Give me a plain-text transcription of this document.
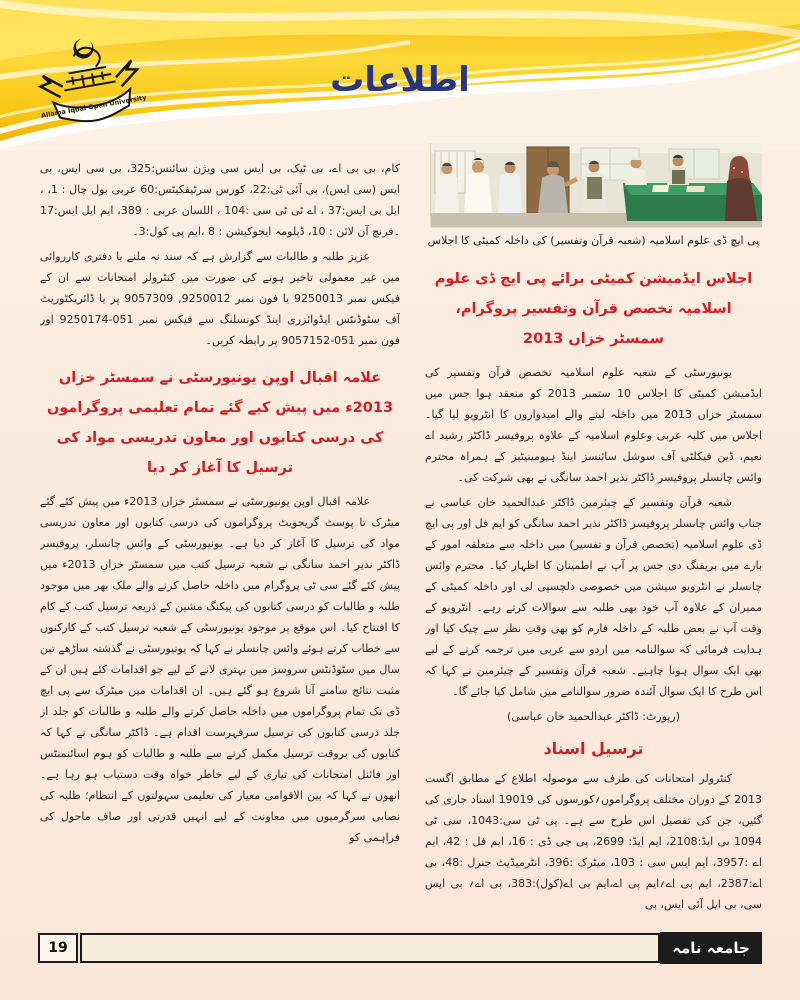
Allama Iqbal Open University
اطلاعات
پی ایچ ڈی علوم اسلامیہ (شعبہ قرآن وتفسیر) کی داخلہ کمیٹی کا اجلاس
اجلاس ایڈمیشن کمیٹی برائے پی ایچ ڈی علوم اسلامیہ تخصص قرآن وتفسیر پروگرام، سمسٹر خزاں 2013

یونیورسٹی کے شعبہ علوم اسلامیہ تخصص قرآن وتفسیر کی ایڈمیشن کمیٹی کا اجلاس 10 ستمبر 2013 کو منعقد ہوا جس میں سمسٹر خزاں 2013 میں داخلہ لینے والے امیدواروں کا انٹرویو لیا گیا۔ اجلاس میں کلیہ عربی وعلوم اسلامیہ کے علاوہ پروفیسر ڈاکٹر رشید اے نعیم، ڈین فیکلٹی آف سوشل سائنسز اینڈ ہیومینیٹیز کے ہمراہ محترم وائس چانسلر پروفیسر ڈاکٹر نذیر احمد سانگی نے بھی شرکت کی۔

شعبہ قرآن وتفسیر کے چیئرمین ڈاکٹر عبدالحمید خان عباسی نے جناب وائس چانسلر پروفیسر ڈاکٹر نذیر احمد سانگی کو ایم فل اور پی ایچ ڈی علوم اسلامیہ (تخصص قرآن و تفسیر) میں داخلہ سے متعلقہ امور کے بارے میں بریفنگ دی جس پر آپ نے اطمینان کا اظہار کیا۔ محترم وائس چانسلر نے انٹرویو سیشن میں خصوصی دلچسپی لی اور داخلہ کمیٹی کے ممبران کے علاوہ آپ خود بھی طلبہ سے سوالات کرتے رہے۔ انٹرویو کے وقت آپ نے بعض طلبہ کے داخلہ فارم کو بھی وقتِ نظر سے چیک کیا اور ہدایت فرمائی کہ سوالنامہ میں اردو سے عربی میں ترجمہ کرنے کے لیے بھی ایک سوال ہونا چاہیے۔ شعبہ قرآن وتفسیر کے چیئرمین نے کہا کہ اس طرح کا ایک سوال آئندہ ضرور سوالنامے میں شامل کیا جائے گا۔

(رپورٹ: ڈاکٹر عبدالحمید خان عباسی)
ترسیل اسناد

کنٹرولر امتحانات کی طرف سے موصولہ اطلاع کے مطابق اگست 2013 کے دوران مختلف پروگراموں؍کورسوں کی 19019 اسناد جاری کی گئیں، جن کی تفصیل اس طرح سے ہے۔ پی ٹی سی:1043، سی ٹی 1094 بی ایڈ:2108، ایم ایڈ: 2699، پی جی ڈی : 16، ایم فل : 42، ایم اے :3957، ایم ایس سی : 103، میٹرک :396، انٹرمیڈیٹ جنرل :48، بی اے:2387، ایم بی اے؍ایم پی اے،ایم بی اے(کول):383، بی اے؍ بی ایس سی، بی ایل آئی ایس، بی

کام، بی بی اے، بی ٹیک، بی ایس سی ویژن سائنس:325، بی سی ایس، بی ایس (سی ایس)، بی آئی ٹی:22، کورس سرٹیفکیٹس:60 عربی بول چال : 1، ، ایل بی ایس:37 ، اے ٹی ٹی سی :104 ، اللسان عربی : 389، ایم ایل ایس:17 ۔فرنچ آن لائن : 10، ڈپلومہ ایجوکیشن : 8 ،ایم پی کول:3۔

عزیز طلبہ و طالبات سے گزارش ہے کہ سند نہ ملنے یا دفتری کارروائی میں غیر معمولی تاخیر ہونے کی صورت میں کنٹرولر امتحانات سے ان کے فیکس نمبر 9250013 یا فون نمبر 9250012, 9057309 پر یا ڈائریکٹوریٹ آف سٹوڈنٹس ایڈوائزری اینڈ کونسلنگ سے فیکس نمبر 051-9250174 اور فون نمبر 051-9057152 پر رابطہ کریں۔

علامہ اقبال اوپن یونیورسٹی نے سمسٹر خزاں 2013ء میں پیش کیے گئے تمام تعلیمی پروگراموں کی درسی کتابوں اور معاون تدریسی مواد کی ترسیل کا آغاز کر دیا

علامہ اقبال اوپن یونیورسٹی نے سمسٹر خزاں 2013ء میں پیش کئے گئے میٹرک تا پوسٹ گریجویٹ پروگراموں کی درسی کتابوں اور معاون تدریسی مواد کی ترسیل کا آغاز کر دیا ہے۔ یونیورسٹی کے وائس چانسلر، پروفیسر ڈاکٹر نذیر احمد سانگی نے شعبہ ترسیل کتب میں سمسٹر خزاں 2013ء میں پیش کئے گئے سی ٹی پروگرام میں داخلہ حاصل کرنے والے ملک بھر میں موجود طلبہ و طالبات کو درسی کتابوں کی پیکنگ مشین کے ذریعہ ترسیل کتب کے کام کا افتتاح کیا۔ اس موقع پر موجود یونیورسٹی کے شعبہ ترسیل کتب کے کارکنوں سے خطاب کرتے ہوئے وائس چانسلر نے کہا کہ یونیورسٹی نے گذشتہ ساڑھے تین سال میں سٹوڈنٹس سروسز میں بہتری لانے کے لیے جو اقدامات کئے ہیں ان کے مثبت نتائج سامنے آنا شروع ہو گئے ہیں۔ ان اقدامات میں میٹرک سے پی ایچ ڈی تک تمام پروگراموں میں داخلہ حاصل کرنے والے طلبہ و طالبات کو جلد از جلد درسی کتابوں کی ترسیل سرفہرست اقدام ہے۔ ڈاکٹر سانگی نے کہا کہ کتابوں کی بروقت ترسیل مکمل کرنے سے طلبہ و طالبات کو ہوم اسائنمنٹس اور فائنل امتحانات کی تیاری کے لیے خاطر خواہ وقت دستیاب ہو رہا ہے۔ انھوں نے کہا کہ بین الاقوامی معیار کی تعلیمی سہولتوں کے انتظام؛ طلبہ کی نصابی سرگرمیوں میں معاونت کے لیے انہیں قدرتی اور صاف ماحول کی فراہمی کو

19	جامعہ نامہ
